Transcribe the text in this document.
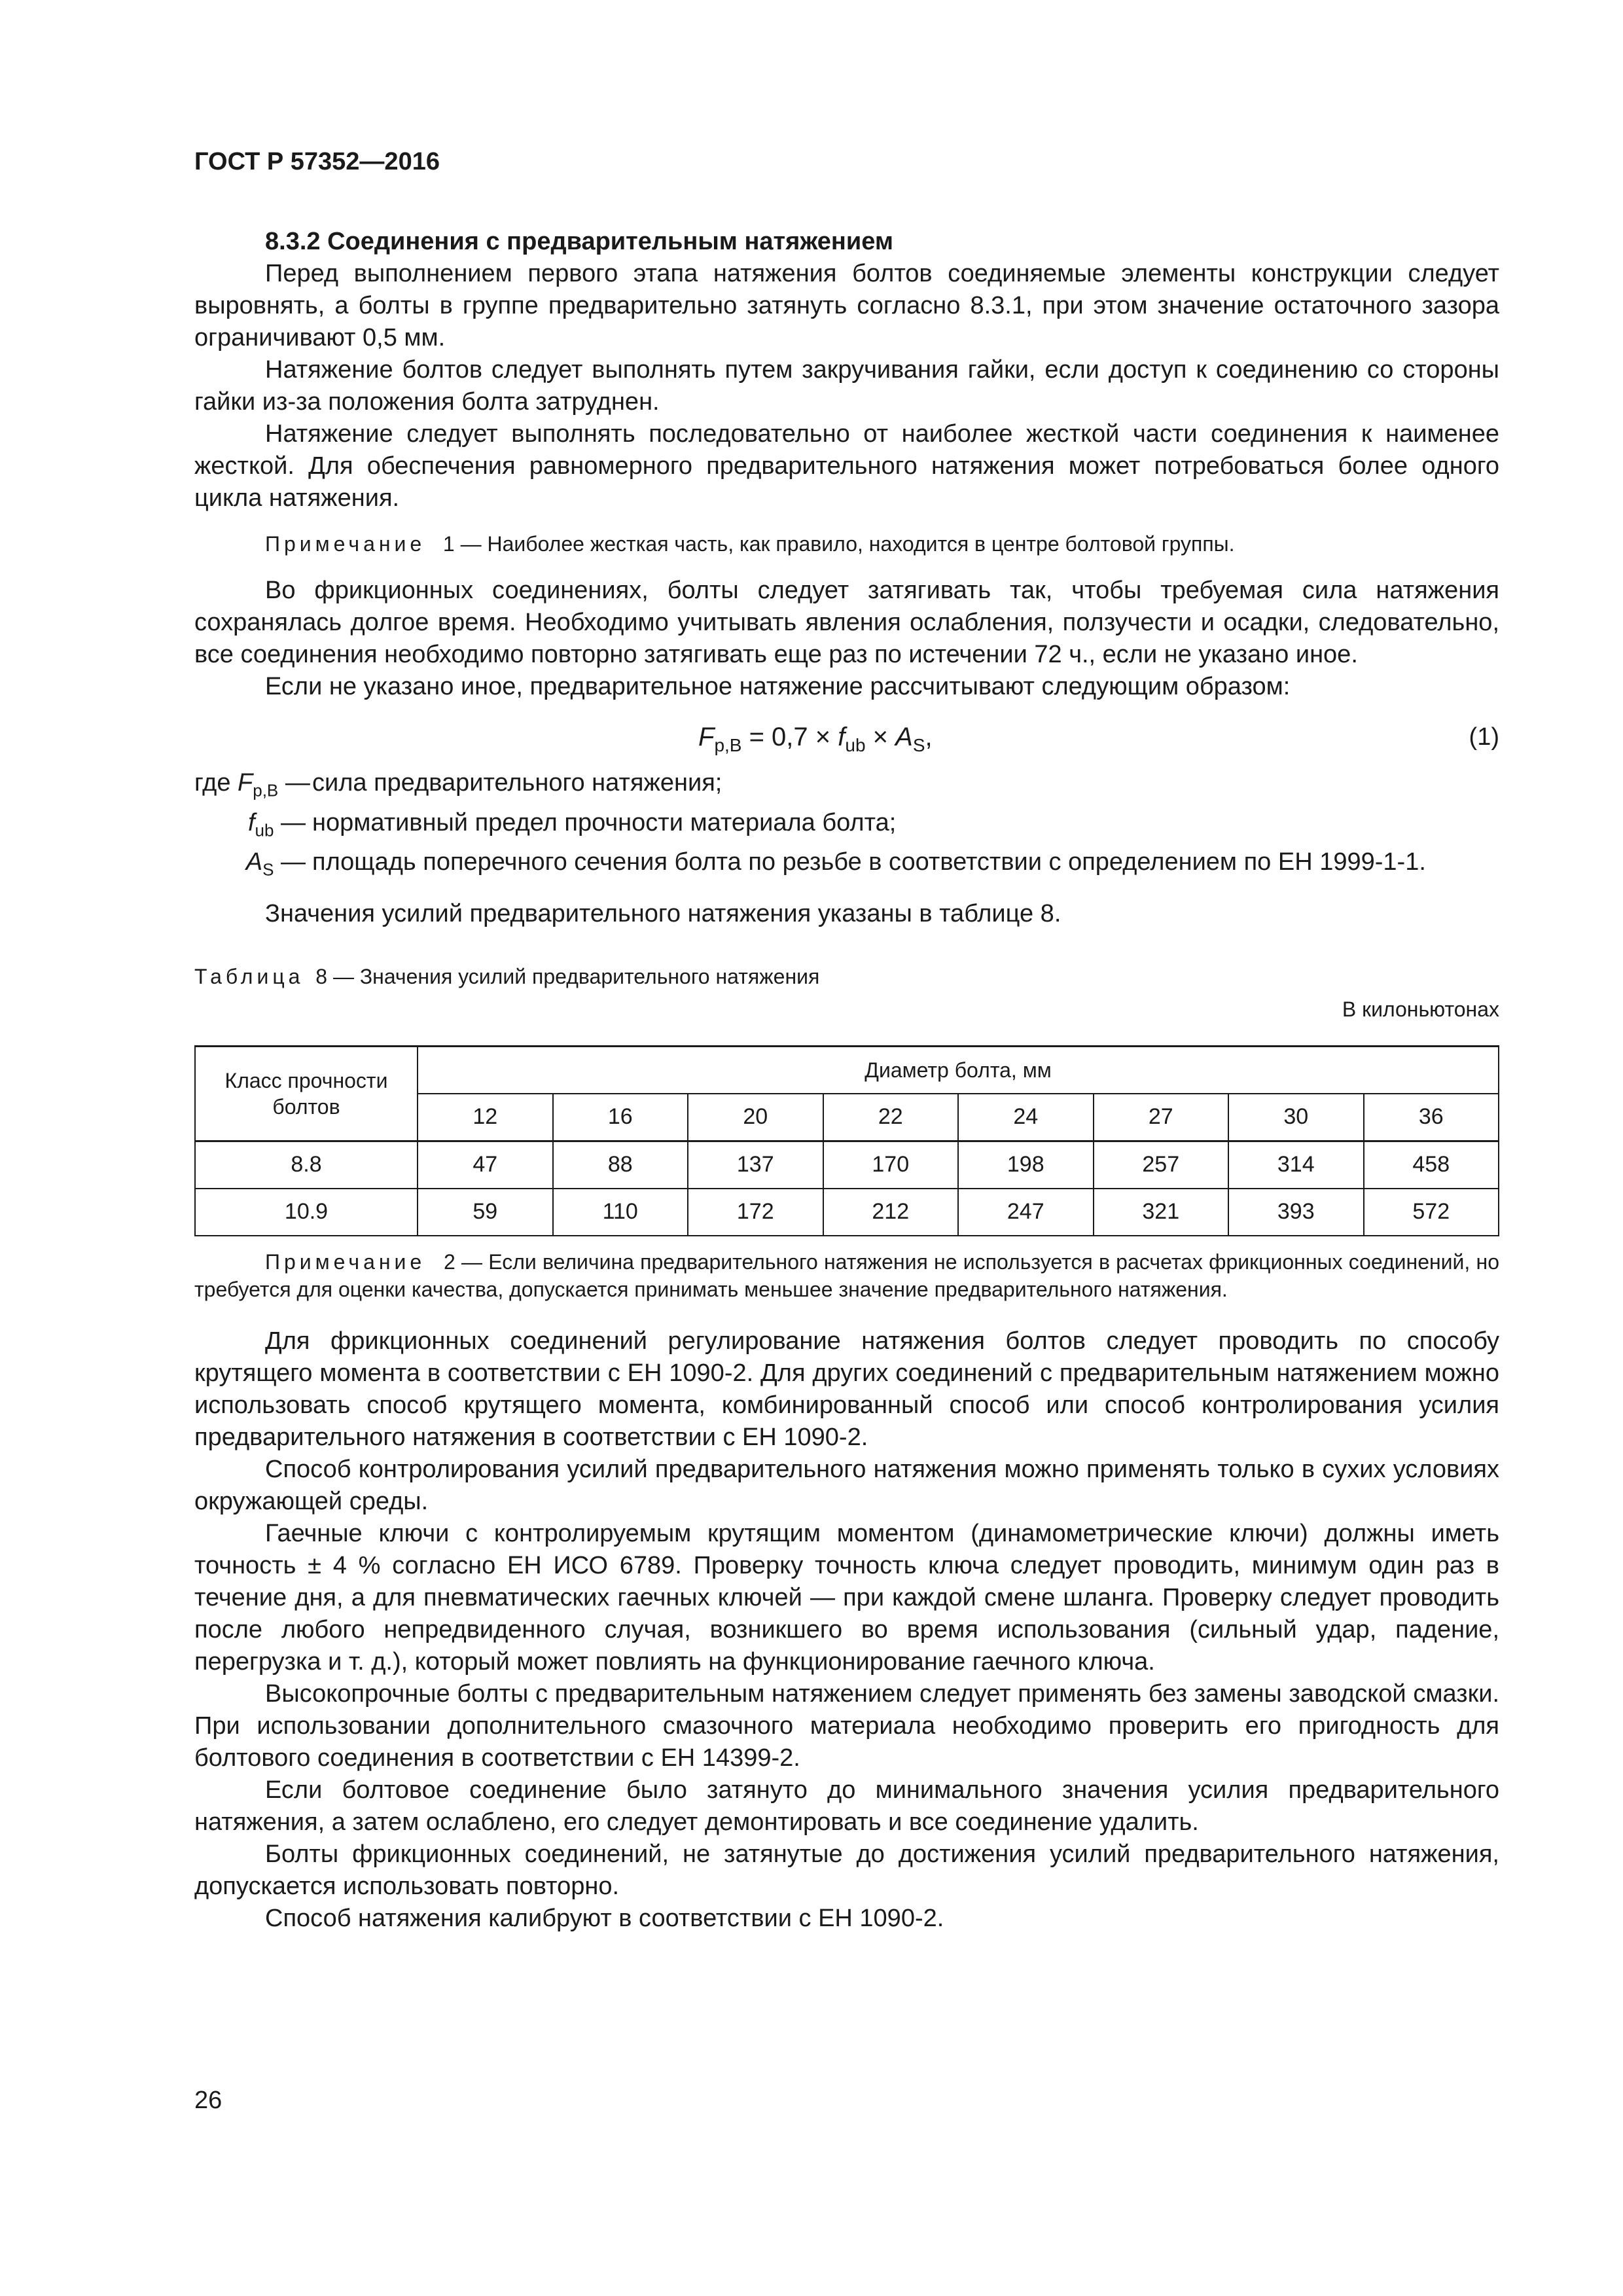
ГОСТ Р 57352—2016

8.3.2 Соединения с предварительным натяжением

Перед выполнением первого этапа натяжения болтов соединяемые элементы конструкции следует выровнять, а болты в группе предварительно затянуть согласно 8.3.1, при этом значение остаточного зазора ограничивают 0,5 мм.

Натяжение болтов следует выполнять путем закручивания гайки, если доступ к соединению со стороны гайки из-за положения болта затруднен.

Натяжение следует выполнять последовательно от наиболее жесткой части соединения к наименее жесткой. Для обеспечения равномерного предварительного натяжения может потребоваться более одного цикла натяжения.

Примечание 1 — Наиболее жесткая часть, как правило, находится в центре болтовой группы.

Во фрикционных соединениях, болты следует затягивать так, чтобы требуемая сила натяжения сохранялась долгое время. Необходимо учитывать явления ослабления, ползучести и осадки, следовательно, все соединения необходимо повторно затягивать еще раз по истечении 72 ч., если не указано иное.

Если не указано иное, предварительное натяжение рассчитывают следующим образом:

$F_{p,B} = 0,7 \times f_{ub} \times A_S$,	(1)
где $F_{p,B}$ — сила предварительного натяжения;
$f_{ub}$ — нормативный предел прочности материала болта;
$A_S$ — площадь поперечного сечения болта по резьбе в соответствии с определением по ЕН 1999-1-1.

Значения усилий предварительного натяжения указаны в таблице 8.

Таблица 8 — Значения усилий предварительного натяжения
В килоньютонах
Класс прочности болтов	Диаметр болта, мм							
	12	16	20	22	24	27	30	36
8.8	47	88	137	170	198	257	314	458
10.9	59	110	172	212	247	321	393	572

Примечание 2 — Если величина предварительного натяжения не используется в расчетах фрикционных соединений, но требуется для оценки качества, допускается принимать меньшее значение предварительного натяжения.

Для фрикционных соединений регулирование натяжения болтов следует проводить по способу крутящего момента в соответствии с ЕН 1090-2. Для других соединений с предварительным натяжением можно использовать способ крутящего момента, комбинированный способ или способ контролирования усилия предварительного натяжения в соответствии с ЕН 1090-2.

Способ контролирования усилий предварительного натяжения можно применять только в сухих условиях окружающей среды.

Гаечные ключи с контролируемым крутящим моментом (динамометрические ключи) должны иметь точность ± 4 % согласно ЕН ИСО 6789. Проверку точность ключа следует проводить, минимум один раз в течение дня, а для пневматических гаечных ключей — при каждой смене шланга. Проверку следует проводить после любого непредвиденного случая, возникшего во время использования (сильный удар, падение, перегрузка и т. д.), который может повлиять на функционирование гаечного ключа.

Высокопрочные болты с предварительным натяжением следует применять без замены заводской смазки. При использовании дополнительного смазочного материала необходимо проверить его пригодность для болтового соединения в соответствии с ЕН 14399-2.

Если болтовое соединение было затянуто до минимального значения усилия предварительного натяжения, а затем ослаблено, его следует демонтировать и все соединение удалить.

Болты фрикционных соединений, не затянутые до достижения усилий предварительного натяжения, допускается использовать повторно.

Способ натяжения калибруют в соответствии с ЕН 1090-2.

26
